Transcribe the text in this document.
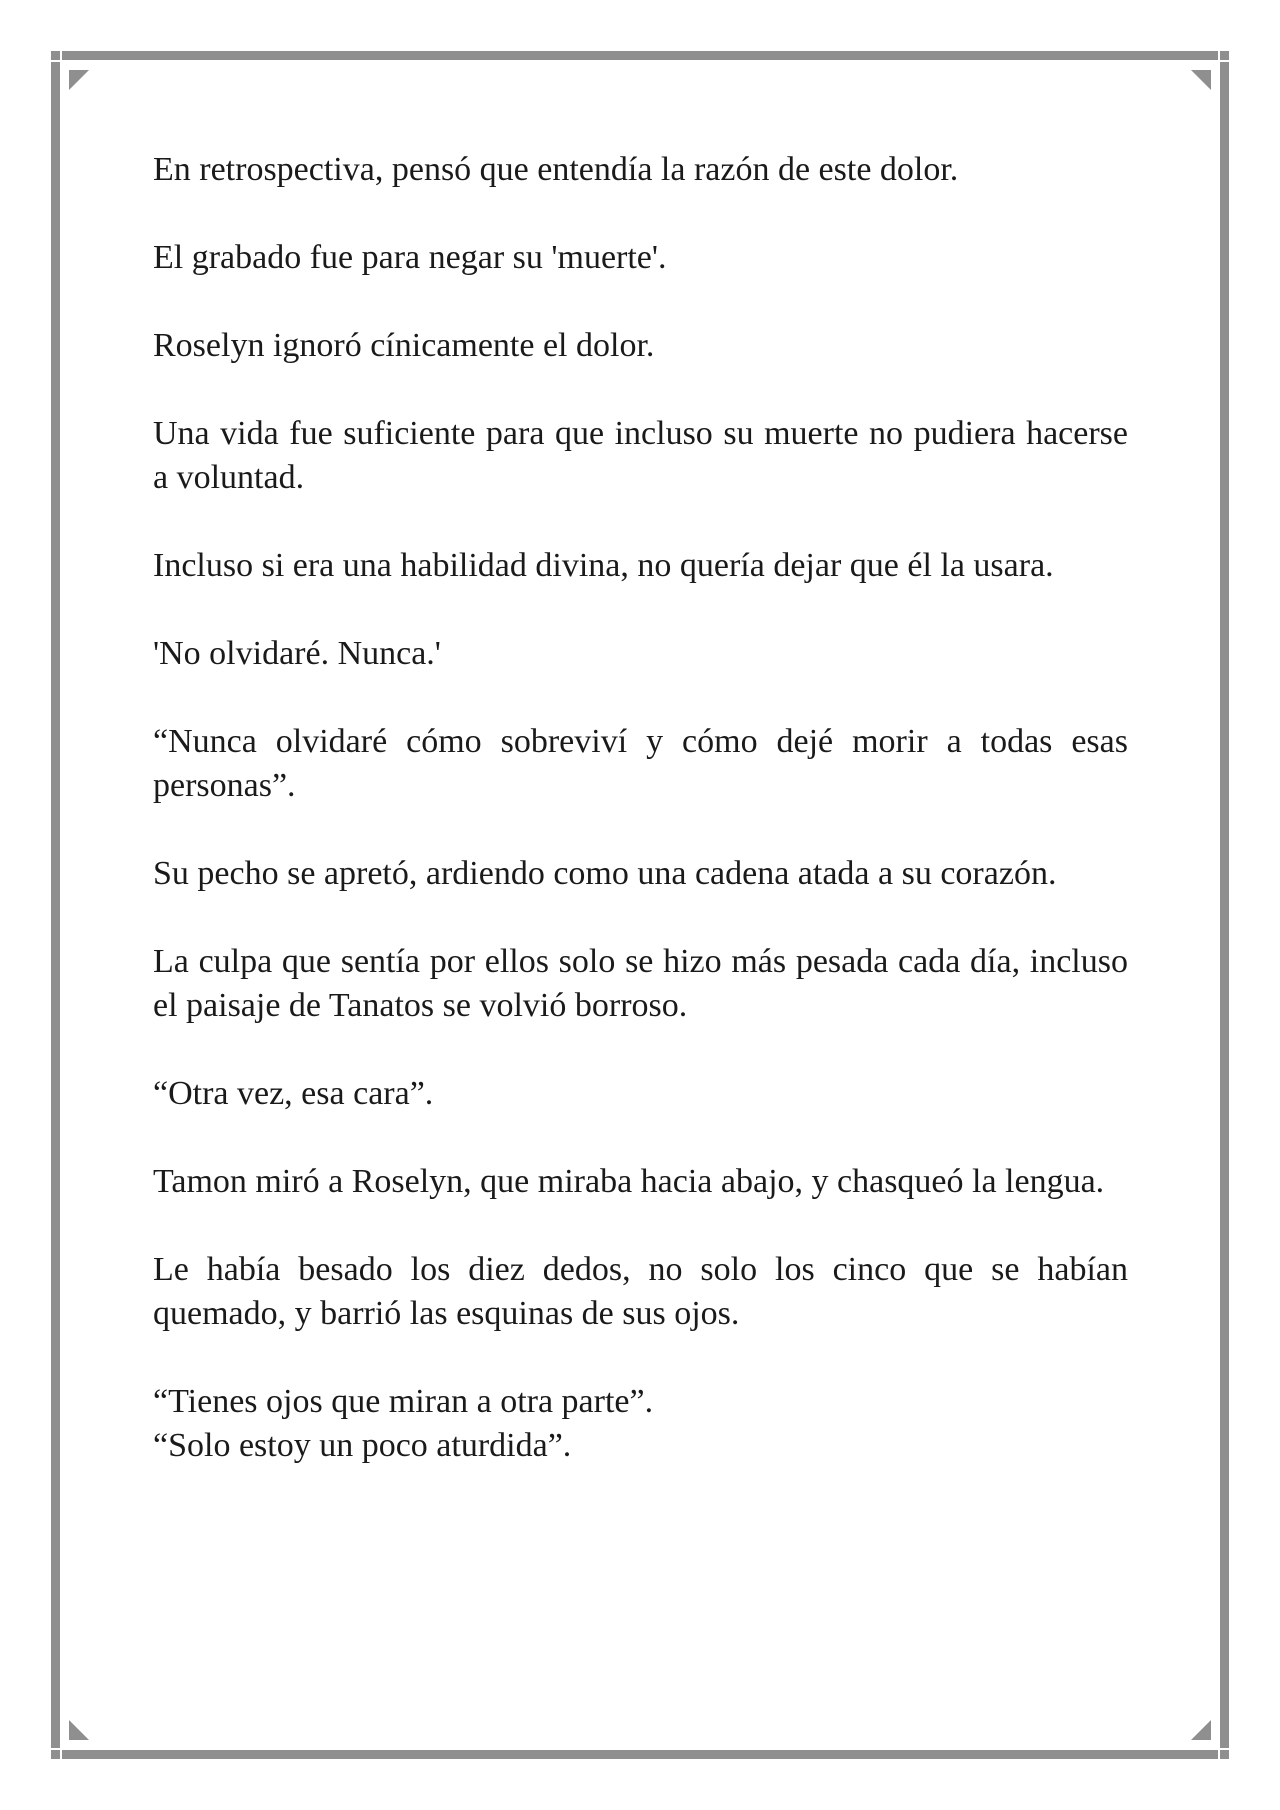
En retrospectiva, pensó que entendía la razón de este dolor.

El grabado fue para negar su 'muerte'.

Roselyn ignoró cínicamente el dolor.

Una vida fue suficiente para que incluso su muerte no pudiera hacerse a voluntad.

Incluso si era una habilidad divina, no quería dejar que él la usara.

'No olvidaré. Nunca.'

“Nunca olvidaré cómo sobreviví y cómo dejé morir a todas esas personas”.

Su pecho se apretó, ardiendo como una cadena atada a su corazón.

La culpa que sentía por ellos solo se hizo más pesada cada día, incluso el paisaje de Tanatos se volvió borroso.

“Otra vez, esa cara”.

Tamon miró a Roselyn, que miraba hacia abajo, y chasqueó la lengua.

Le había besado los diez dedos, no solo los cinco que se habían quemado, y barrió las esquinas de sus ojos.

“Tienes ojos que miran a otra parte”.

“Solo estoy un poco aturdida”.
